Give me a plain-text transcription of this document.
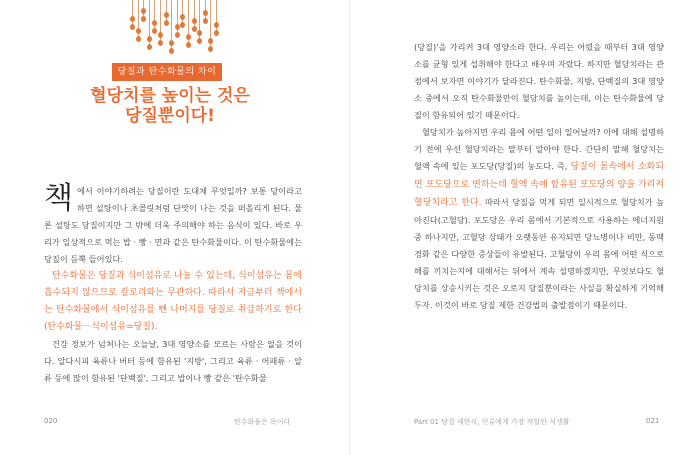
당질과 탄수화물의 차이
혈당치를 높이는 것은
당질뿐이다!

책에서 이야기하려는 당질이란 도대체 무엇일까? 보통 당이라고 하면 설탕이나 초콜릿처럼 단맛이 나는 것을 떠올리게 된다. 물론 설탕도 당질이지만 그 밖에 더욱 주의해야 하는 음식이 있다. 바로 우리가 일상적으로 먹는 밥 · 빵 · 면과 같은 탄수화물이다. 이 탄수화물에는 당질이 듬뿍 들어있다.

탄수화물은 당질과 식이섬유로 나눌 수 있는데, 식이섬유는 몸에 흡수되지 않으므로 칼로리와는 무관하다. 따라서 지금부터 책에서는 탄수화물에서 식이섬유를 뺀 나머지를 당질로 취급하기로 한다(탄수화물－식이섬유=당질).

건강 정보가 넘쳐나는 오늘날, 3대 영양소를 모르는 사람은 없을 것이다. 알다시피 육류나 버터 등에 함유된 '지방', 그리고 육류 · 어패류 · 알류 등에 많이 함유된 '단백질', 그리고 밥이나 빵 같은 '탄수화물

020	탄수화물은 독이다

(당질)'을 가리켜 3대 영양소라 한다. 우리는 어렸을 때부터 3대 영양소를 균형 있게 섭취해야 한다고 배우며 자랐다. 하지만 혈당치라는 관점에서 보자면 이야기가 달라진다. 탄수화물, 지방, 단백질의 3대 영양소 중에서 오직 탄수화물만이 혈당치를 높이는데, 이는 탄수화물에 당질이 함유되어 있기 때문이다.

혈당치가 높아지면 우리 몸에 어떤 일이 일어날까? 이에 대해 설명하기 전에 우선 혈당치라는 말부터 알아야 한다. 간단히 말해 혈당치는 혈액 속에 있는 포도당(당질)의 농도다. 즉, 당질이 몸속에서 소화되면 포도당으로 변하는데 혈액 속에 함유된 포도당의 양을 가리켜 혈당치라고 한다. 따라서 당질을 먹게 되면 일시적으로 혈당치가 높아진다(고혈당). 포도당은 우리 몸에서 기본적으로 사용하는 에너지원 중 하나지만, 고혈당 상태가 오랫동안 유지되면 당뇨병이나 비만, 동맥경화 같은 다양한 증상들이 유발된다. 고혈당이 우리 몸에 어떤 식으로 해를 끼치는지에 대해서는 뒤에서 계속 설명하겠지만, 무엇보다도 혈당치를 상승시키는 것은 오로지 당질뿐이라는 사실을 확실하게 기억해 두자. 이것이 바로 당질 제한 건강법의 출발점이기 때문이다.

Part 01 당질 제한식, 인류에게 가장 적합한 식생활	021
